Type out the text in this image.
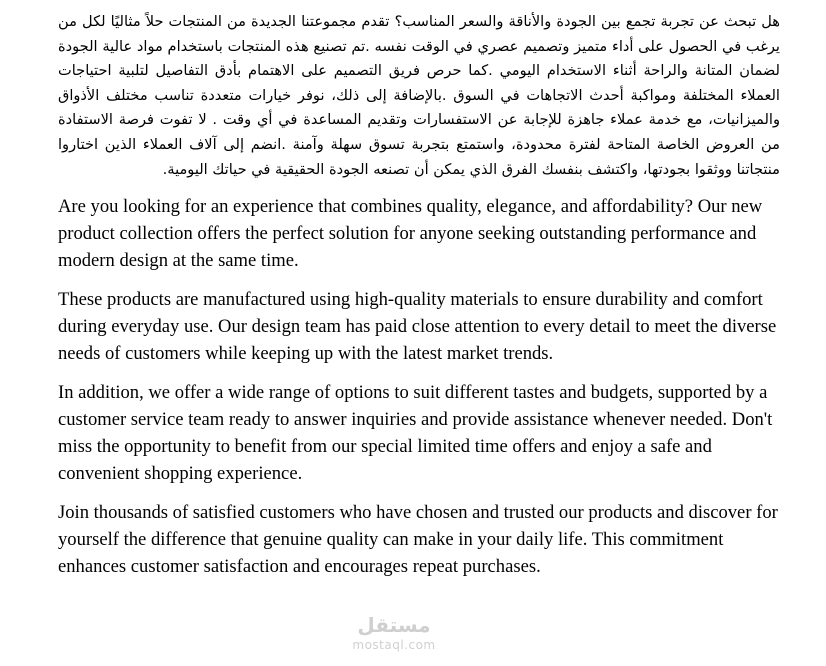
هل تبحث عن تجربة تجمع بين الجودة والأناقة والسعر المناسب؟ تقدم مجموعتنا الجديدة من المنتجات حلاً مثاليًا لكل من يرغب في الحصول على أداء متميز وتصميم عصري في الوقت نفسه .تم تصنيع هذه المنتجات باستخدام مواد عالية الجودة لضمان المتانة والراحة أثناء الاستخدام اليومي .كما حرص فريق التصميم على الاهتمام بأدق التفاصيل لتلبية احتياجات العملاء المختلفة ومواكبة أحدث الاتجاهات في السوق .بالإضافة إلى ذلك، نوفر خيارات متعددة تناسب مختلف الأذواق والميزانيات، مع خدمة عملاء جاهزة للإجابة عن الاستفسارات وتقديم المساعدة في أي وقت . لا تفوت فرصة الاستفادة من العروض الخاصة المتاحة لفترة محدودة، واستمتع بتجربة تسوق سهلة وآمنة .انضم إلى آلاف العملاء الذين اختاروا منتجاتنا ووثقوا بجودتها، واكتشف بنفسك الفرق الذي يمكن أن تصنعه الجودة الحقيقية في حياتك اليومية.

Are you looking for an experience that combines quality, elegance, and affordability? Our new product collection offers the perfect solution for anyone seeking outstanding performance and modern design at the same time.

These products are manufactured using high-quality materials to ensure durability and comfort during everyday use. Our design team has paid close attention to every detail to meet the diverse needs of customers while keeping up with the latest market trends.

In addition, we offer a wide range of options to suit different tastes and budgets, supported by a customer service team ready to answer inquiries and provide assistance whenever needed. Don't miss the opportunity to benefit from our special limited time offers and enjoy a safe and convenient shopping experience.

Join thousands of satisfied customers who have chosen and trusted our products and discover for yourself the difference that genuine quality can make in your daily life. This commitment enhances customer satisfaction and encourages repeat purchases.

مستقل
mostaql.com
